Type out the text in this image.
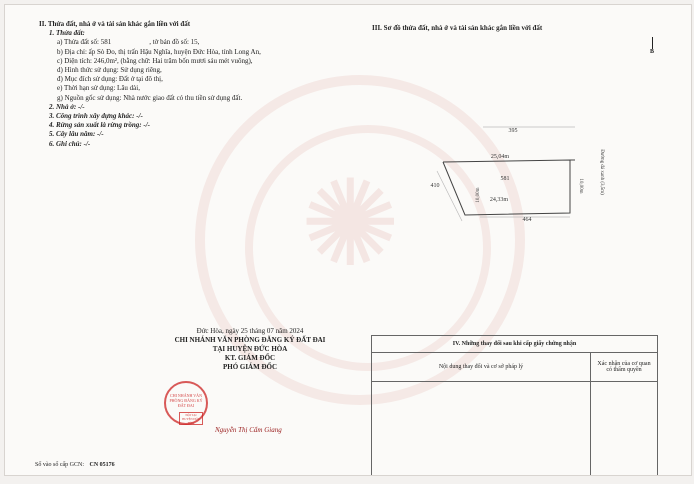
✺
II. Thửa đất, nhà ở và tài sản khác gắn liền với đất
1. Thửa đất:
a) Thửa đất số: 581	, tờ bản đồ số: 15,
b) Địa chỉ: ấp Sò Đo, thị trấn Hậu Nghĩa, huyện Đức Hòa, tỉnh Long An,
c) Diện tích: 246,0m², (bằng chữ: Hai trăm bốn mươi sáu mét vuông),
d) Hình thức sử dụng: Sử dụng riêng,
đ) Mục đích sử dụng: Đất ở tại đô thị,
e) Thời hạn sử dụng: Lâu dài,
g) Nguồn gốc sử dụng: Nhà nước giao đất có thu tiền sử dụng đất.
2. Nhà ở: -/-
3. Công trình xây dựng khác: -/-
4. Rừng sản xuất là rừng trồng: -/-
5. Cây lâu năm: -/-
6. Ghi chú: -/-
III. Sơ đồ thửa đất, nhà ở và tài sản khác gắn liền với đất
B
395
410
464
581
25,04m
24,33m
10,00m
10,00m	Đường đá xanh (3,5m)
Đức Hòa, ngày 25 tháng 07 năm 2024
CHI NHÁNH VĂN PHÒNG ĐĂNG KÝ ĐẤT ĐAI
TẠI HUYỆN ĐỨC HÒA
KT. GIÁM ĐỐC
PHÓ GIÁM ĐỐC
CHI NHÁNH VĂN PHÒNG ĐĂNG KÝ ĐẤT ĐAI
ĐỘI TẠI HUYỆN ĐỨC HÒA
Nguyễn Thị Cẩm Giang
IV. Những thay đổi sau khi cấp giấy chứng nhận	
Nội dung thay đổi và cơ sở pháp lý	Xác nhận của cơ quan có thẩm quyền

Số vào sổ cấp GCN: CN 05176
